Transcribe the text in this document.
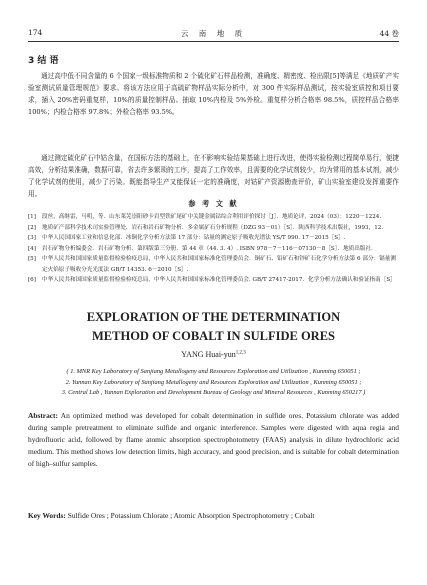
174	云 南 地 质	44 卷
3 结 语
通过高中低不同含量的 6 个国家一级标准物质和 2 个硫化矿石样品检测，准确度、精密度、检出限[5]等满足《地质矿产实验室测试质量管理规范》要求。将该方法应用于高硫矿物样品实际分析中，对 300 件实际样品测试，按实验室质控和项目要求，插入 20%密码重复样，10%的质量控制样品。抽取 10%内检及 5%外检。重复样分析合格率 98.5%，质控样品合格率 100%；内检合格率 97.8%；外检合格率 93.5%。
通过测定硫化矿石中钴含量，在国标方法的基础上，在不影响实验结果基础上进行改进，使得实验检测过程简单易行，便捷高效，分析结果准确，数据可靠，省去许多繁琐的工序，提高了工作效率，且需要的化学试剂较少，均为常用的基本试剂，减少了化学试剂的使用，减少了污染。既能指导生产又能保证一定的准确度，对钴矿产资源勘查评价，矿山实验室建设发挥重要作用。
参 考 文 献
[1]	段丝，高继雷，马明，等．山东莱芜崇阳砂卡岩型铁矿尾矿中关键金属钴综合利用评价探讨［J］．地质论评，2024（03）：1220－1224.
[2]	地质矿产部科学技术司实验管理处．岩石和岩石矿物分析．多金属矿石分析规程（DZG 93－01）［S］．陕西科学技术出版社，1993，12.
[3]	中华人民国国家工业和信息化部．冰铜化学分析方法第 17 部分：钴量的测定原子吸收光谱法 YS/T 990. 17－2015［S］.
[4]	岩石矿物分析编委会．岩石矿物分析．第四版第三分册．第 44 章（44. 3. 4）. ISBN 978－7－116－07130－8［S］．地质出版社.
[5]	中华人民共和国国家质量监督检验检疫总局，中华人民共和国国家标准化管理委员会．铜矿石、铅矿石和锌矿石化学分析方法第 6 部分：镉量测定火焰原子吸收分光光度法 GB/T 14353. 6－2010［S］.
[6]	中华人民共和国国家质量监督检验检疫总局，中华人民共和国国家标准化管理委员会. GB/T 27417-2017．化学分析方法确认和验证指南［S］
EXPLORATION OF THE DETERMINATION
METHOD OF COBALT IN SULFIDE ORES
YANG Huai-yun$^{1,2,3}$
( 1. MNR Key Laboratory of Sanjiang Metallogeny and Resources Exploration and Utilization , Kunming 650051 ;
2. Yunnan Key Laboratory of Sanjiang Metallogeny and Resources Exploration and Utilization , Kunming 650051 ;
3. Central Lab , Yunnan Exploration and Development Bureau of Geology and Mineral Resources , Kunming 650217 )
Abstract: An optimized method was developed for cobalt determination in sulfide ores. Potassium chlorate was added during sample pretreatment to eliminate sulfide and organic interference. Samples were digested with aqua regia and hydrofluoric acid, followed by flame atomic absorption spectrophotometry (FAAS) analysis in dilute hydrochloric acid medium. This method shows low detection limits, high accuracy, and good precision, and is suitable for cobalt determination of high–sulfur samples.
Key Words: Sulfide Ores ; Potassium Chlorate ; Atomic Absorption Spectrophotometry ; Cobalt
